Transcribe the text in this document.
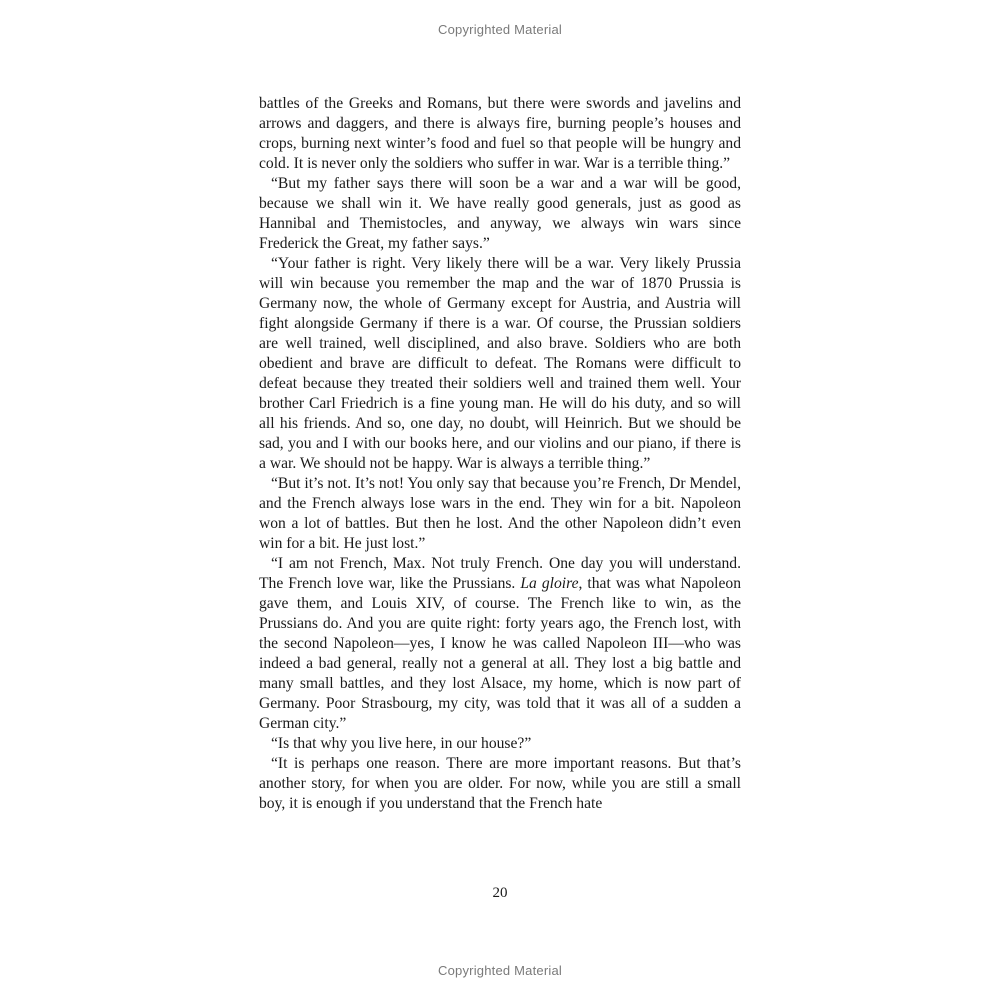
Copyrighted Material

battles of the Greeks and Romans, but there were swords and javelins and arrows and daggers, and there is always fire, burning people’s houses and crops, burning next winter’s food and fuel so that people will be hungry and cold. It is never only the soldiers who suffer in war. War is a terrible thing.”

“But my father says there will soon be a war and a war will be good, because we shall win it. We have really good generals, just as good as Hannibal and Themistocles, and anyway, we always win wars since Frederick the Great, my father says.”

“Your father is right. Very likely there will be a war. Very likely Prussia will win because you remember the map and the war of 1870 Prussia is Germany now, the whole of Germany except for Austria, and Austria will fight alongside Germany if there is a war. Of course, the Prussian soldiers are well trained, well disciplined, and also brave. Soldiers who are both obedient and brave are difficult to defeat. The Romans were difficult to defeat because they treated their soldiers well and trained them well. Your brother Carl Friedrich is a fine young man. He will do his duty, and so will all his friends. And so, one day, no doubt, will Heinrich. But we should be sad, you and I with our books here, and our violins and our piano, if there is a war. We should not be happy. War is always a terrible thing.”

“But it’s not. It’s not! You only say that because you’re French, Dr Mendel, and the French always lose wars in the end. They win for a bit. Napoleon won a lot of battles. But then he lost. And the other Napoleon didn’t even win for a bit. He just lost.”

“I am not French, Max. Not truly French. One day you will understand. The French love war, like the Prussians. La gloire, that was what Napoleon gave them, and Louis XIV, of course. The French like to win, as the Prussians do. And you are quite right: forty years ago, the French lost, with the second Napoleon—yes, I know he was called Napoleon III—who was indeed a bad general, really not a general at all. They lost a big battle and many small battles, and they lost Alsace, my home, which is now part of Germany. Poor Strasbourg, my city, was told that it was all of a sudden a German city.”

“Is that why you live here, in our house?”

“It is perhaps one reason. There are more important reasons. But that’s another story, for when you are older. For now, while you are still a small boy, it is enough if you understand that the French hate

20
Copyrighted Material
